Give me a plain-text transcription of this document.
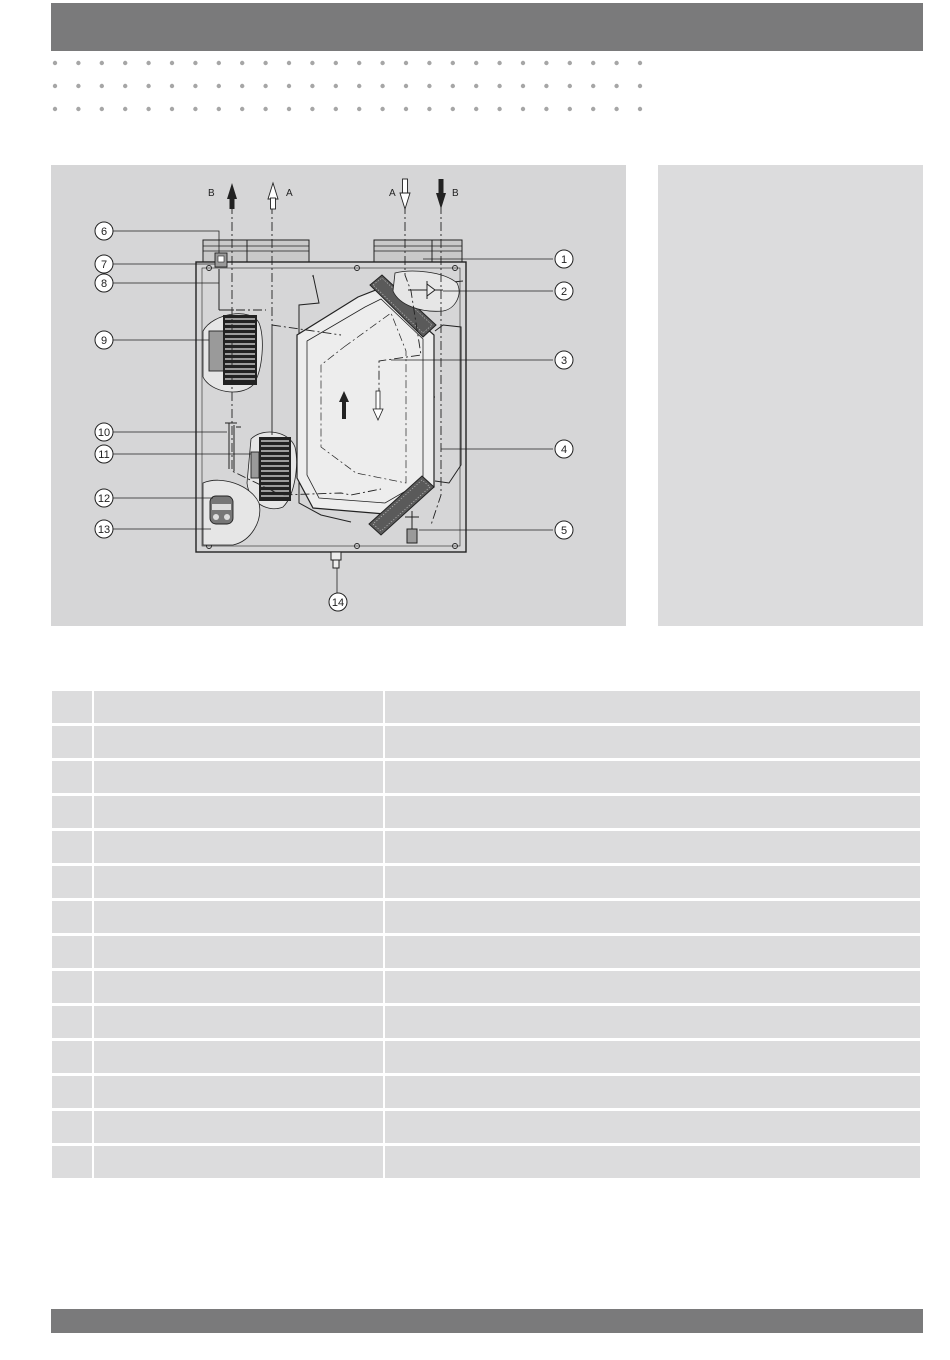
B	A	A	B
1
2
3
4
5
6
7
8
9
10
11
12
13
14
